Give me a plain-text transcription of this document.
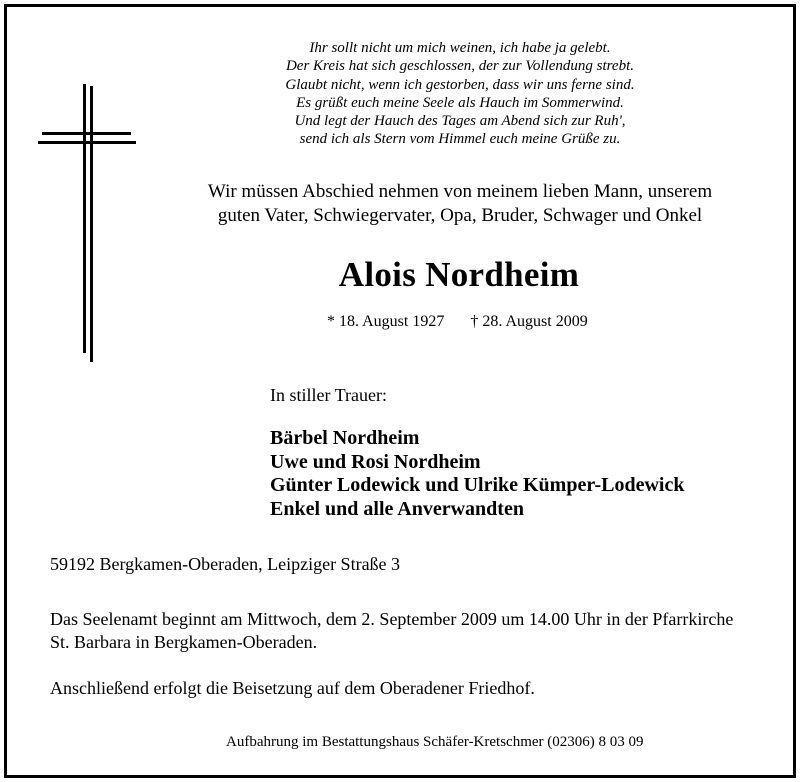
Ihr sollt nicht um mich weinen, ich habe ja gelebt.
Der Kreis hat sich geschlossen, der zur Vollendung strebt.
Glaubt nicht, wenn ich gestorben, dass wir uns ferne sind.
Es grüßt euch meine Seele als Hauch im Sommerwind.
Und legt der Hauch des Tages am Abend sich zur Ruh',
send ich als Stern vom Himmel euch meine Grüße zu.
Wir müssen Abschied nehmen von meinem lieben Mann, unserem
guten Vater, Schwiegervater, Opa, Bruder, Schwager und Onkel
Alois Nordheim
* 18. August 1927 † 28. August 2009
In stiller Trauer:
Bärbel Nordheim
Uwe und Rosi Nordheim
Günter Lodewick und Ulrike Kümper-Lodewick
Enkel und alle Anverwandten
59192 Bergkamen-Oberaden, Leipziger Straße 3
Das Seelenamt beginnt am Mittwoch, dem 2. September 2009 um 14.00 Uhr in der Pfarrkirche
St. Barbara in Bergkamen-Oberaden.
Anschließend erfolgt die Beisetzung auf dem Oberadener Friedhof.
Aufbahrung im Bestattungshaus Schäfer-Kretschmer (02306) 8 03 09
